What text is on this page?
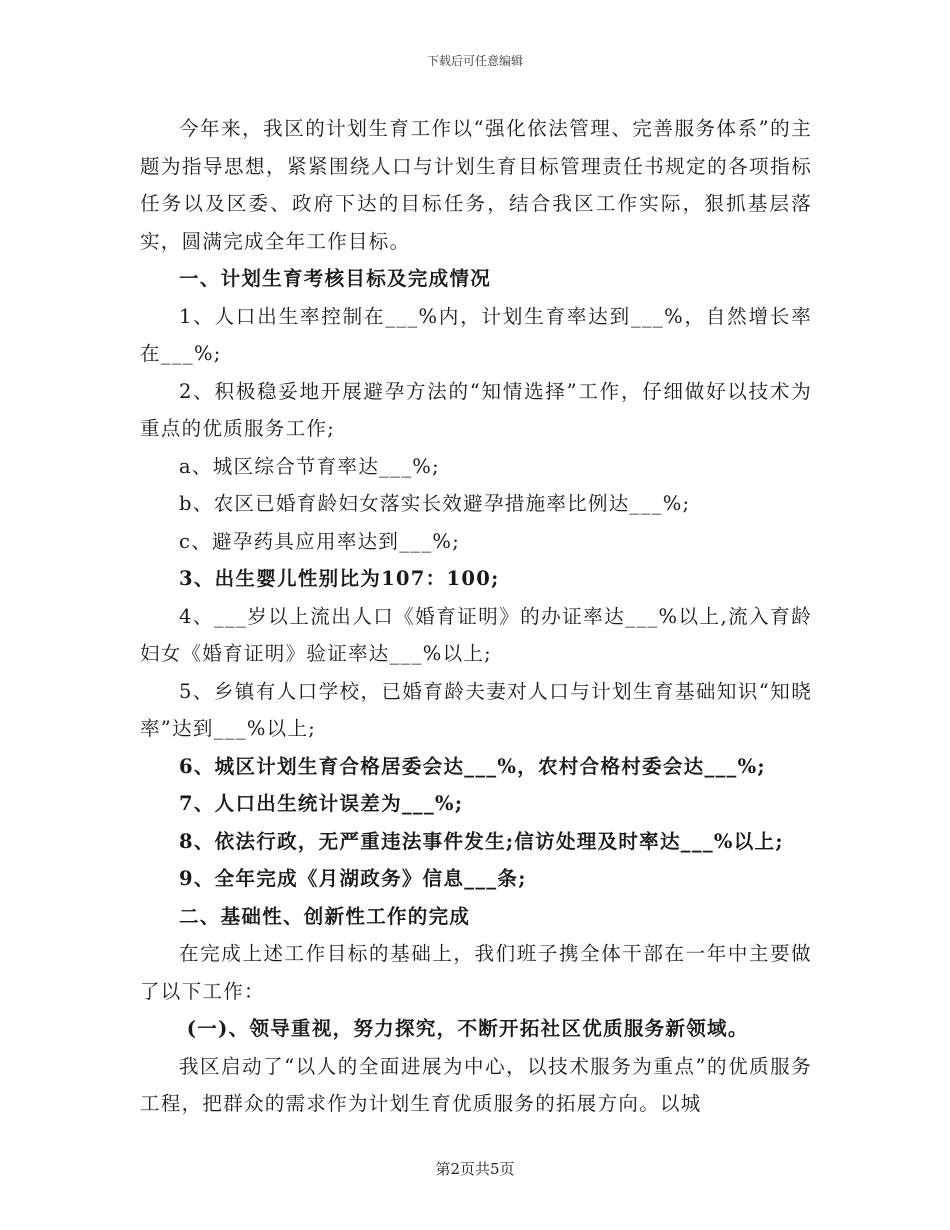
下载后可任意编辑

今年来，我区的计划生育工作以“强化依法管理、完善服务体系”的主题为指导思想，紧紧围绕人口与计划生育目标管理责任书规定的各项指标任务以及区委、政府下达的目标任务，结合我区工作实际，狠抓基层落实，圆满完成全年工作目标。

一、计划生育考核目标及完成情况

1、人口出生率控制在___%内，计划生育率达到___%，自然增长率在___%;

2、积极稳妥地开展避孕方法的“知情选择”工作，仔细做好以技术为重点的优质服务工作;

a、城区综合节育率达___%;

b、农区已婚育龄妇女落实长效避孕措施率比例达___%;

c、避孕药具应用率达到___%;

3、出生婴儿性别比为107：100;

4、___岁以上流出人口《婚育证明》的办证率达___%以上,流入育龄妇女《婚育证明》验证率达___%以上;

5、乡镇有人口学校，已婚育龄夫妻对人口与计划生育基础知识“知晓率”达到___%以上;

6、城区计划生育合格居委会达___%，农村合格村委会达___%;

7、人口出生统计误差为___%;

8、依法行政，无严重违法事件发生;信访处理及时率达___%以上;

9、全年完成《月湖政务》信息___条;

二、基础性、创新性工作的完成

在完成上述工作目标的基础上，我们班子携全体干部在一年中主要做了以下工作：

(一)、领导重视，努力探究，不断开拓社区优质服务新领域。

我区启动了“以人的全面进展为中心，以技术服务为重点”的优质服务工程，把群众的需求作为计划生育优质服务的拓展方向。以城

第2页共5页
